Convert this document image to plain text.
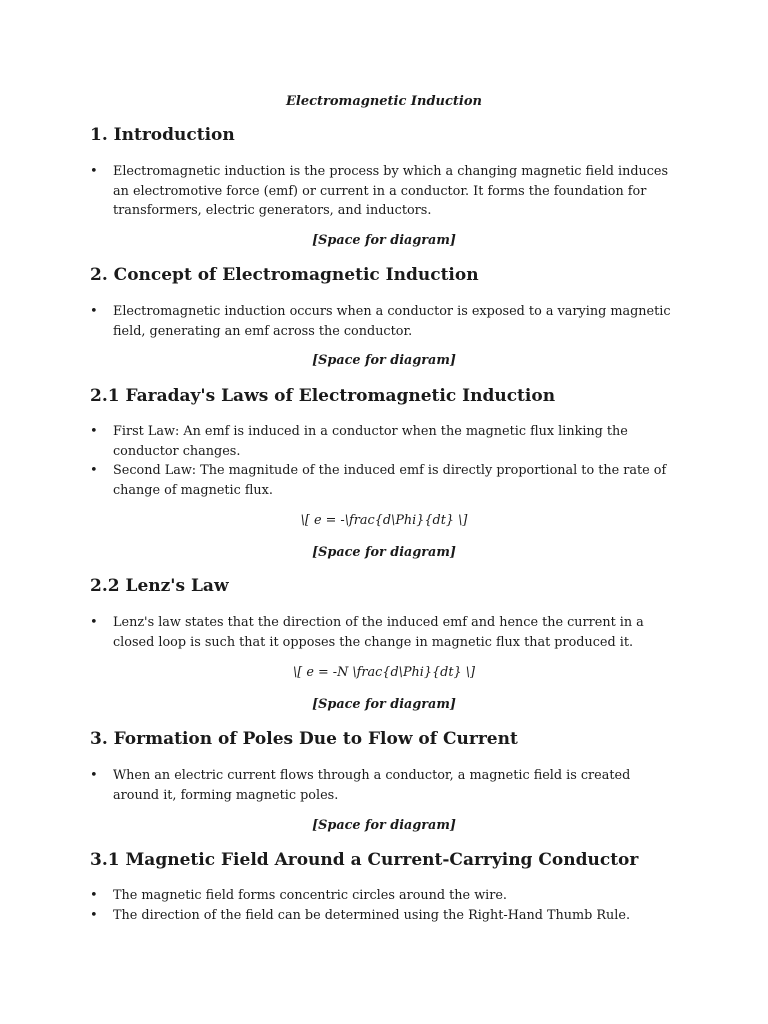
Electromagnetic Induction
1. Introduction
• Electromagnetic induction is the process by which a changing magnetic field induces an electromotive force (emf) or current in a conductor. It forms the foundation for transformers, electric generators, and inductors.
[Space for diagram]
2. Concept of Electromagnetic Induction
• Electromagnetic induction occurs when a conductor is exposed to a varying magnetic field, generating an emf across the conductor.
[Space for diagram]
2.1 Faraday's Laws of Electromagnetic Induction
• First Law: An emf is induced in a conductor when the magnetic flux linking the conductor changes.
• Second Law: The magnitude of the induced emf is directly proportional to the rate of change of magnetic flux.
\[ e = -\frac{d\Phi}{dt} \]
[Space for diagram]
2.2 Lenz's Law
• Lenz's law states that the direction of the induced emf and hence the current in a closed loop is such that it opposes the change in magnetic flux that produced it.
\[ e = -N \frac{d\Phi}{dt} \]
[Space for diagram]
3. Formation of Poles Due to Flow of Current
• When an electric current flows through a conductor, a magnetic field is created around it, forming magnetic poles.
[Space for diagram]
3.1 Magnetic Field Around a Current-Carrying Conductor
• The magnetic field forms concentric circles around the wire.
• The direction of the field can be determined using the Right-Hand Thumb Rule.
